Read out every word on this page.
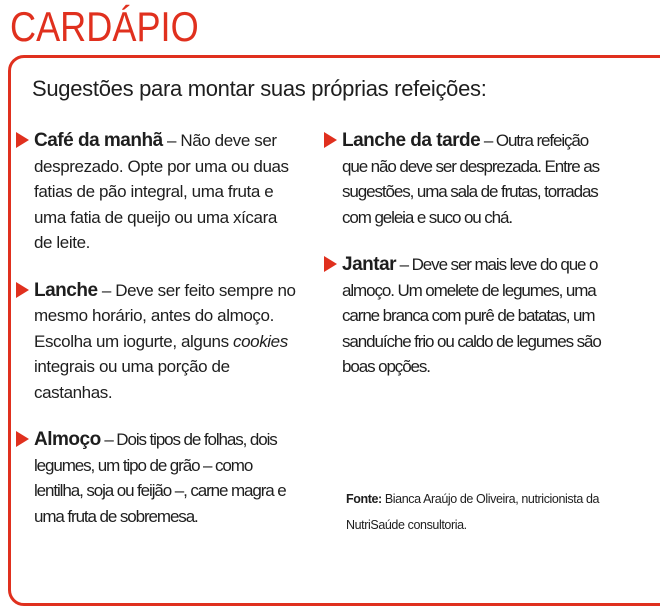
CARDÁPIO
Sugestões para montar suas próprias refeições:
Café da manhã – Não deve ser desprezado. Opte por uma ou duas fatias de pão integral, uma fruta e uma fatia de queijo ou uma xícara de leite.
Lanche – Deve ser feito sempre no mesmo horário, antes do almoço. Escolha um iogurte, alguns cookies integrais ou uma porção de castanhas.
Almoço – Dois tipos de folhas, dois legumes, um tipo de grão – como lentilha, soja ou feijão –, carne magra e uma fruta de sobremesa.
Lanche da tarde – Outra refeição que não deve ser desprezada. Entre as sugestões, uma sala de frutas, torradas com geleia e suco ou chá.
Jantar – Deve ser mais leve do que o almoço. Um omelete de legumes, uma carne branca com purê de batatas, um sanduíche frio ou caldo de legumes são boas opções.
Fonte: Bianca Araújo de Oliveira, nutricionista da NutriSaúde consultoria.
